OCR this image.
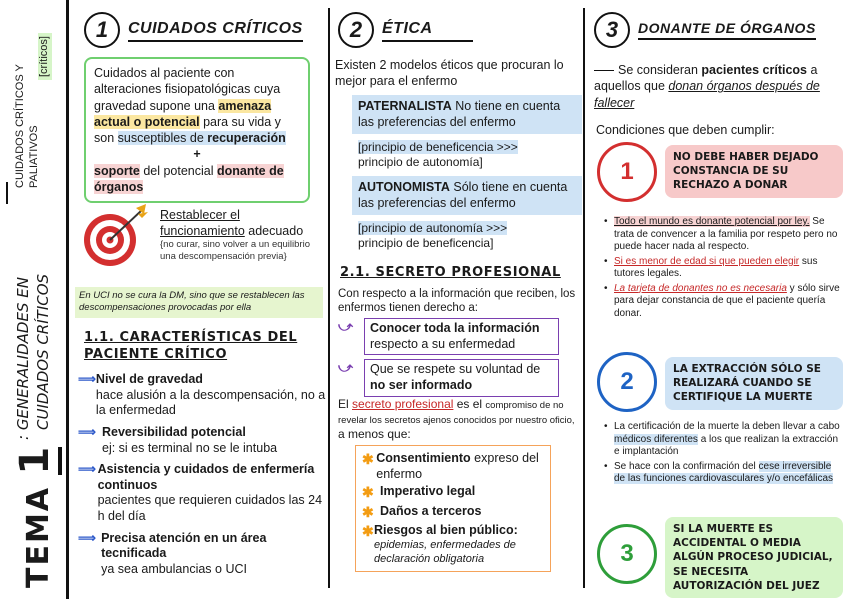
CUIDADOS CRÍTICOS Y PALIATIVOS
[críticos]
: GENERALIDADES EN CUIDADOS CRÍTICOS
TEMA 1
1	CUIDADOS CRÍTICOS
Cuidados al paciente con alteraciones fisiopatológicas cuya gravedad supone una amenaza actual o potencial para su vida y son susceptibles de recuperación
+
soporte del potencial donante de órganos
Restablecer el funcionamiento adecuado
{no curar, sino volver a un equilibrio una descompensación previa}
En UCI no se cura la DM, sino que se restablecen las descompensaciones provocadas por ella
1.1. CARACTERÍSTICAS DEL PACIENTE CRÍTICO
⟹ Nivel de gravedad
hace alusión a la descompensación, no a la enfermedad
⟹ Reversibilidad potencial
ej: si es terminal no se le intuba
⟹ Asistencia y cuidados de enfermería continuos
pacientes que requieren cuidados las 24 h del día
⟹ Precisa atención en un área tecnificada
ya sea ambulancias o UCI
2	ÉTICA
Existen 2 modelos éticos que procuran lo mejor para el enfermo
PATERNALISTA No tiene en cuenta las preferencias del enfermo
[principio de beneficencia >>>
principio de autonomía]
AUTONOMISTA Sólo tiene en cuenta las preferencias del enfermo
[principio de autonomía >>>
principio de beneficencia]
2.1. SECRETO PROFESIONAL
Con respecto a la información que reciben, los enfermos tienen derecho a:
⤻	Conocer toda la información
respecto a su enfermedad
⤻	Que se respete su voluntad de no ser informado
El secreto profesional es el compromiso de no revelar los secretos ajenos conocidos por nuestro oficio, a menos que:
✱ Consentimiento expreso del enfermo
✱ Imperativo legal
✱ Daños a terceros
✱ Riesgos al bien público:
epidemias, enfermedades de declaración obligatoria
3	DONANTE DE ÓRGANOS
Se consideran pacientes críticos a aquellos que donan órganos después de fallecer
Condiciones que deben cumplir:
1
NO DEBE HABER DEJADO CONSTANCIA DE SU RECHAZO A DONAR
• Todo el mundo es donante potencial por ley. Se trata de convencer a la familia por respeto pero no puede hacer nada al respecto.
• Si es menor de edad si que pueden elegir sus tutores legales.
• La tarjeta de donantes no es necesaria y sólo sirve para dejar constancia de que el paciente quería donar.
2	LA EXTRACCIÓN SÓLO SE REALIZARÁ CUANDO SE CERTIFIQUE LA MUERTE
• La certificación de la muerte la deben llevar a cabo médicos diferentes a los que realizan la extracción e implantación
• Se hace con la confirmación del cese irreversible de las funciones cardiovasculares y/o encefálicas
3
SI LA MUERTE ES ACCIDENTAL O MEDIA ALGÚN PROCESO JUDICIAL, SE NECESITA AUTORIZACIÓN DEL JUEZ
